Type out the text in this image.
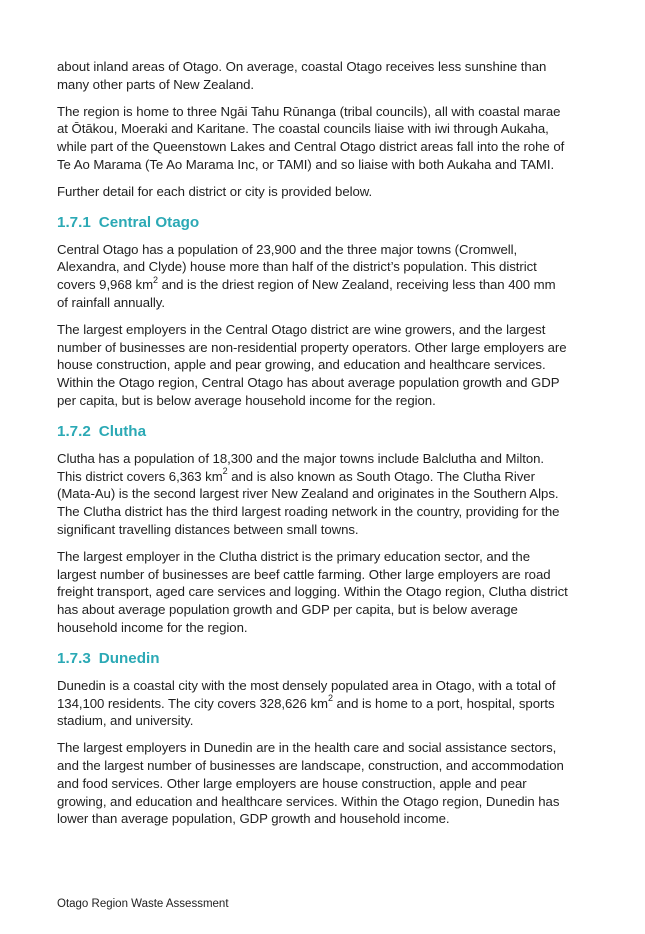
about inland areas of Otago. On average, coastal Otago receives less sunshine than many other parts of New Zealand.

The region is home to three Ngāi Tahu Rūnanga (tribal councils), all with coastal marae at Ōtākou, Moeraki and Karitane. The coastal councils liaise with iwi through Aukaha, while part of the Queenstown Lakes and Central Otago district areas fall into the rohe of Te Ao Marama (Te Ao Marama Inc, or TAMI) and so liaise with both Aukaha and TAMI.

Further detail for each district or city is provided below.

1.7.1 Central Otago

Central Otago has a population of 23,900 and the three major towns (Cromwell, Alexandra, and Clyde) house more than half of the district’s population. This district covers 9,968 $km^2$ and is the driest region of New Zealand, receiving less than 400 mm of rainfall annually.

The largest employers in the Central Otago district are wine growers, and the largest number of businesses are non-residential property operators. Other large employers are house construction, apple and pear growing, and education and healthcare services. Within the Otago region, Central Otago has about average population growth and GDP per capita, but is below average household income for the region.

1.7.2 Clutha

Clutha has a population of 18,300 and the major towns include Balclutha and Milton. This district covers 6,363 $km^2$ and is also known as South Otago. The Clutha River (Mata-Au) is the second largest river New Zealand and originates in the Southern Alps. The Clutha district has the third largest roading network in the country, providing for the significant travelling distances between small towns.

The largest employer in the Clutha district is the primary education sector, and the largest number of businesses are beef cattle farming. Other large employers are road freight transport, aged care services and logging. Within the Otago region, Clutha district has about average population growth and GDP per capita, but is below average household income for the region.

1.7.3 Dunedin

Dunedin is a coastal city with the most densely populated area in Otago, with a total of 134,100 residents. The city covers 328,626 $km^2$ and is home to a port, hospital, sports stadium, and university.

The largest employers in Dunedin are in the health care and social assistance sectors, and the largest number of businesses are landscape, construction, and accommodation and food services. Other large employers are house construction, apple and pear growing, and education and healthcare services. Within the Otago region, Dunedin has lower than average population, GDP growth and household income.

Otago Region Waste Assessment
